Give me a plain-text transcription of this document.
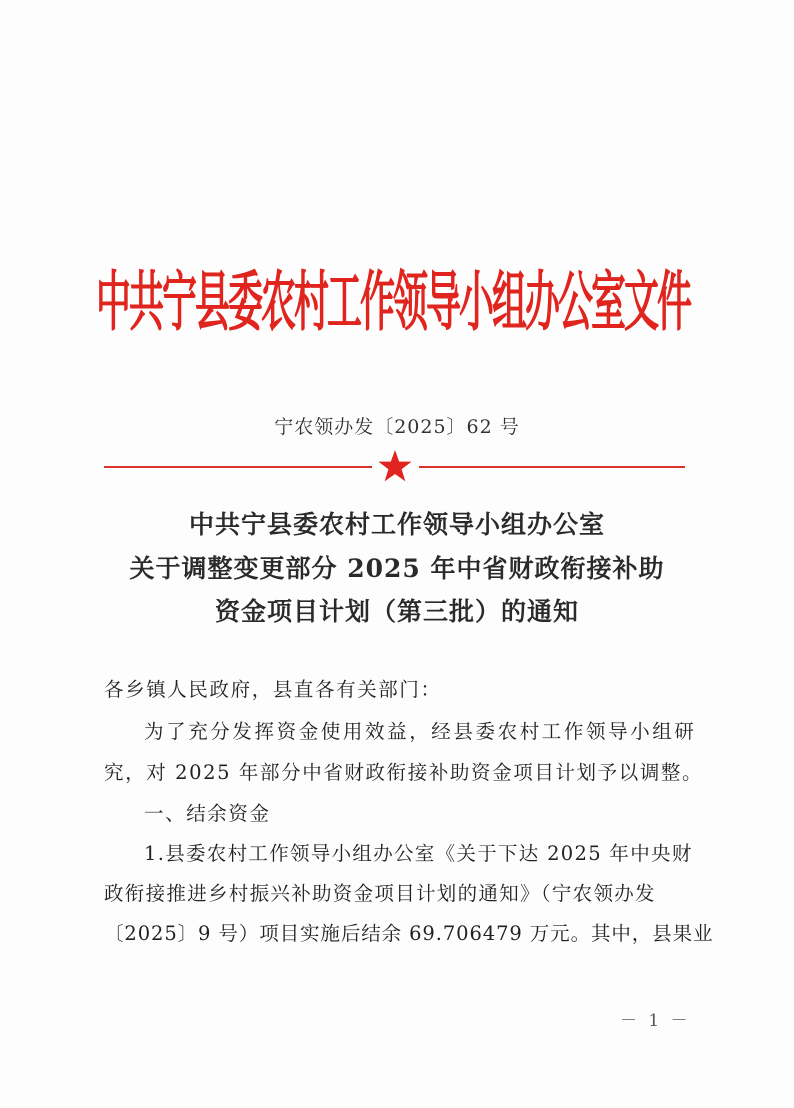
中共宁县委农村工作领导小组办公室文件
宁农领办发〔2025〕62 号
中共宁县委农村工作领导小组办公室
关于调整变更部分 2025 年中省财政衔接补助
资金项目计划（第三批）的通知
各乡镇人民政府，县直各有关部门：
为了充分发挥资金使用效益，经县委农村工作领导小组研
究，对 2025 年部分中省财政衔接补助资金项目计划予以调整。
一、结余资金
1.县委农村工作领导小组办公室《关于下达 2025 年中央财
政衔接推进乡村振兴补助资金项目计划的通知》（宁农领办发
〔2025〕9 号）项目实施后结余 69.706479 万元。其中，县果业
－ 1 －
